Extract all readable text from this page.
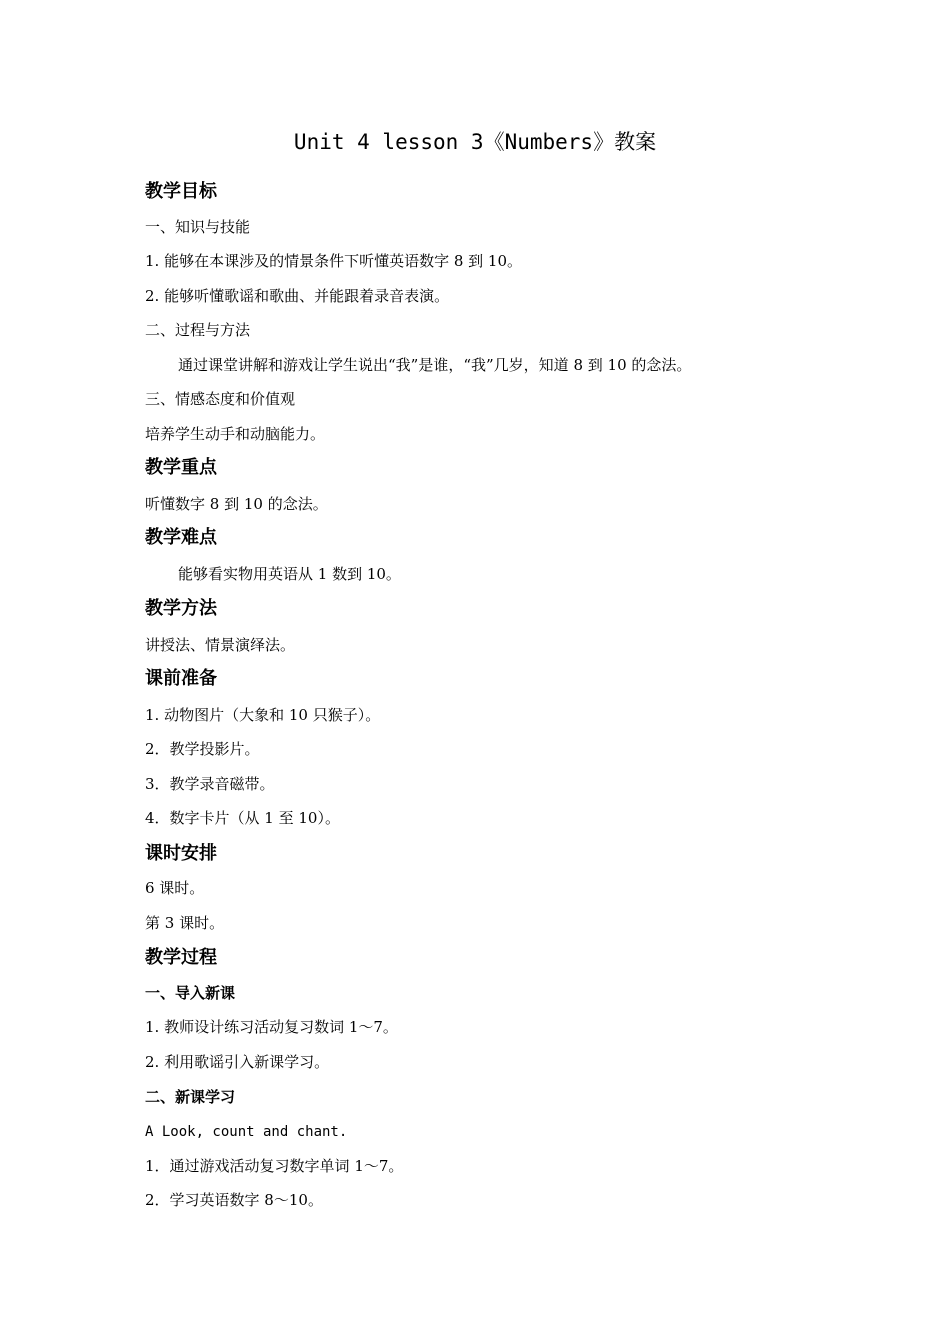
Unit 4 lesson 3《Numbers》教案
教学目标
一、知识与技能
1. 能够在本课涉及的情景条件下听懂英语数字 8 到 10。
2. 能够听懂歌谣和歌曲、并能跟着录音表演。
二、过程与方法
通过课堂讲解和游戏让学生说出“我”是谁，“我”几岁，知道 8 到 10 的念法。
三、情感态度和价值观
培养学生动手和动脑能力。
教学重点
听懂数字 8 到 10 的念法。
教学难点
能够看实物用英语从 1 数到 10。
教学方法
讲授法、情景演绎法。
课前准备
1. 动物图片（大象和 10 只猴子）。
2．教学投影片。
3．教学录音磁带。
4．数字卡片（从 1 至 10）。
课时安排
6 课时。
第 3 课时。
教学过程
一、导入新课
1. 教师设计练习活动复习数词 1～7。
2. 利用歌谣引入新课学习。
二、新课学习
A Look, count and chant.
1．通过游戏活动复习数字单词 1～7。
2．学习英语数字 8～10。
